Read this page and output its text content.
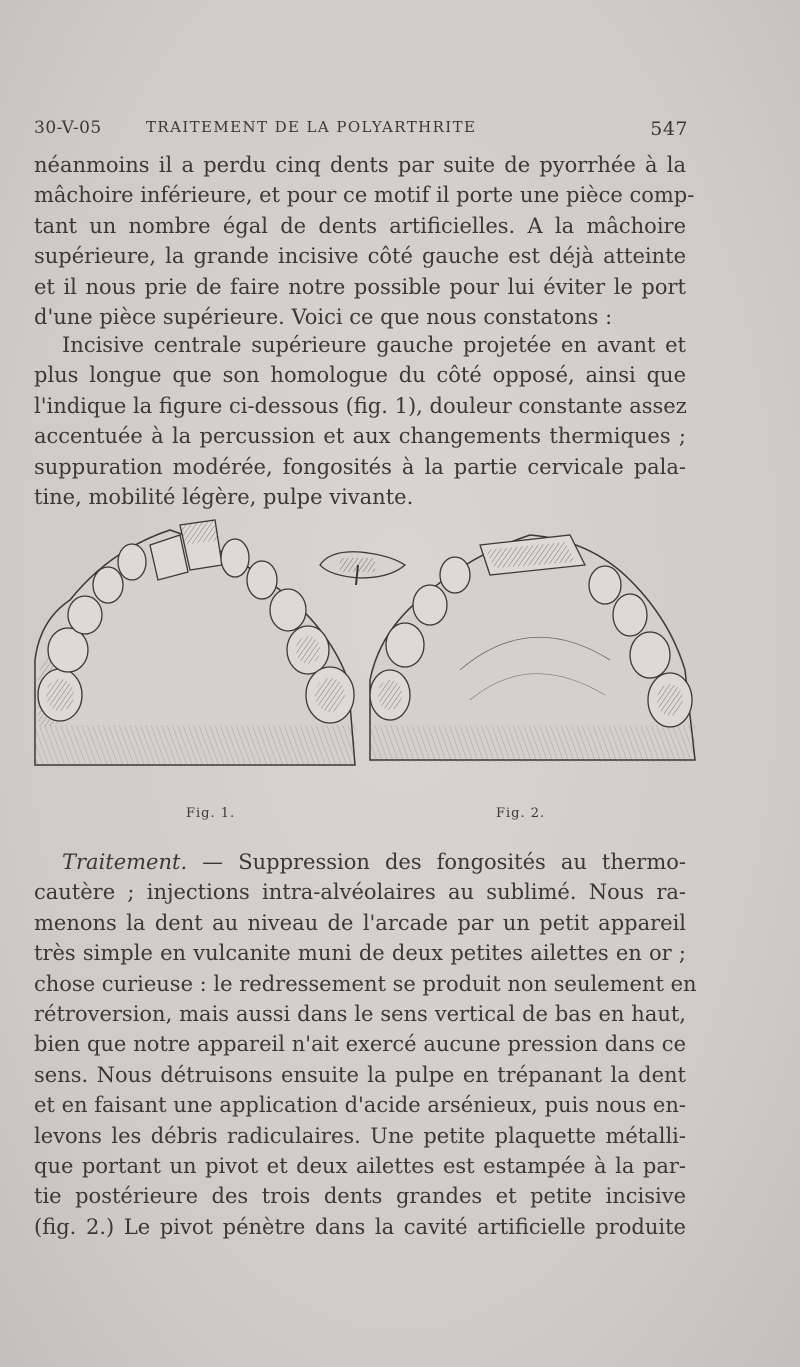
30-V-05	TRAITEMENT DE LA POLYARTHRITE	547
néanmoins il a perdu cinq dents par suite de pyorrhée à la
mâchoire inférieure, et pour ce motif il porte une pièce comp-
tant un nombre égal de dents artificielles. A la mâchoire
supérieure, la grande incisive côté gauche est déjà atteinte
et il nous prie de faire notre possible pour lui éviter le port
d'une pièce supérieure. Voici ce que nous constatons :
Incisive centrale supérieure gauche projetée en avant et
plus longue que son homologue du côté opposé, ainsi que
l'indique la figure ci-dessous (fig. 1), douleur constante assez
accentuée à la percussion et aux changements thermiques ;
suppuration modérée, fongosités à la partie cervicale pala-
tine, mobilité légère, pulpe vivante.
Fig. 1.	Fig. 2.
Traitement. — Suppression des fongosités au thermo-
cautère ; injections intra-alvéolaires au sublimé. Nous ra-
menons la dent au niveau de l'arcade par un petit appareil
très simple en vulcanite muni de deux petites ailettes en or ;
chose curieuse : le redressement se produit non seulement en
rétroversion, mais aussi dans le sens vertical de bas en haut,
bien que notre appareil n'ait exercé aucune pression dans ce
sens. Nous détruisons ensuite la pulpe en trépanant la dent
et en faisant une application d'acide arsénieux, puis nous en-
levons les débris radiculaires. Une petite plaquette métalli-
que portant un pivot et deux ailettes est estampée à la par-
tie postérieure des trois dents grandes et petite incisive
(fig. 2.) Le pivot pénètre dans la cavité artificielle produite
